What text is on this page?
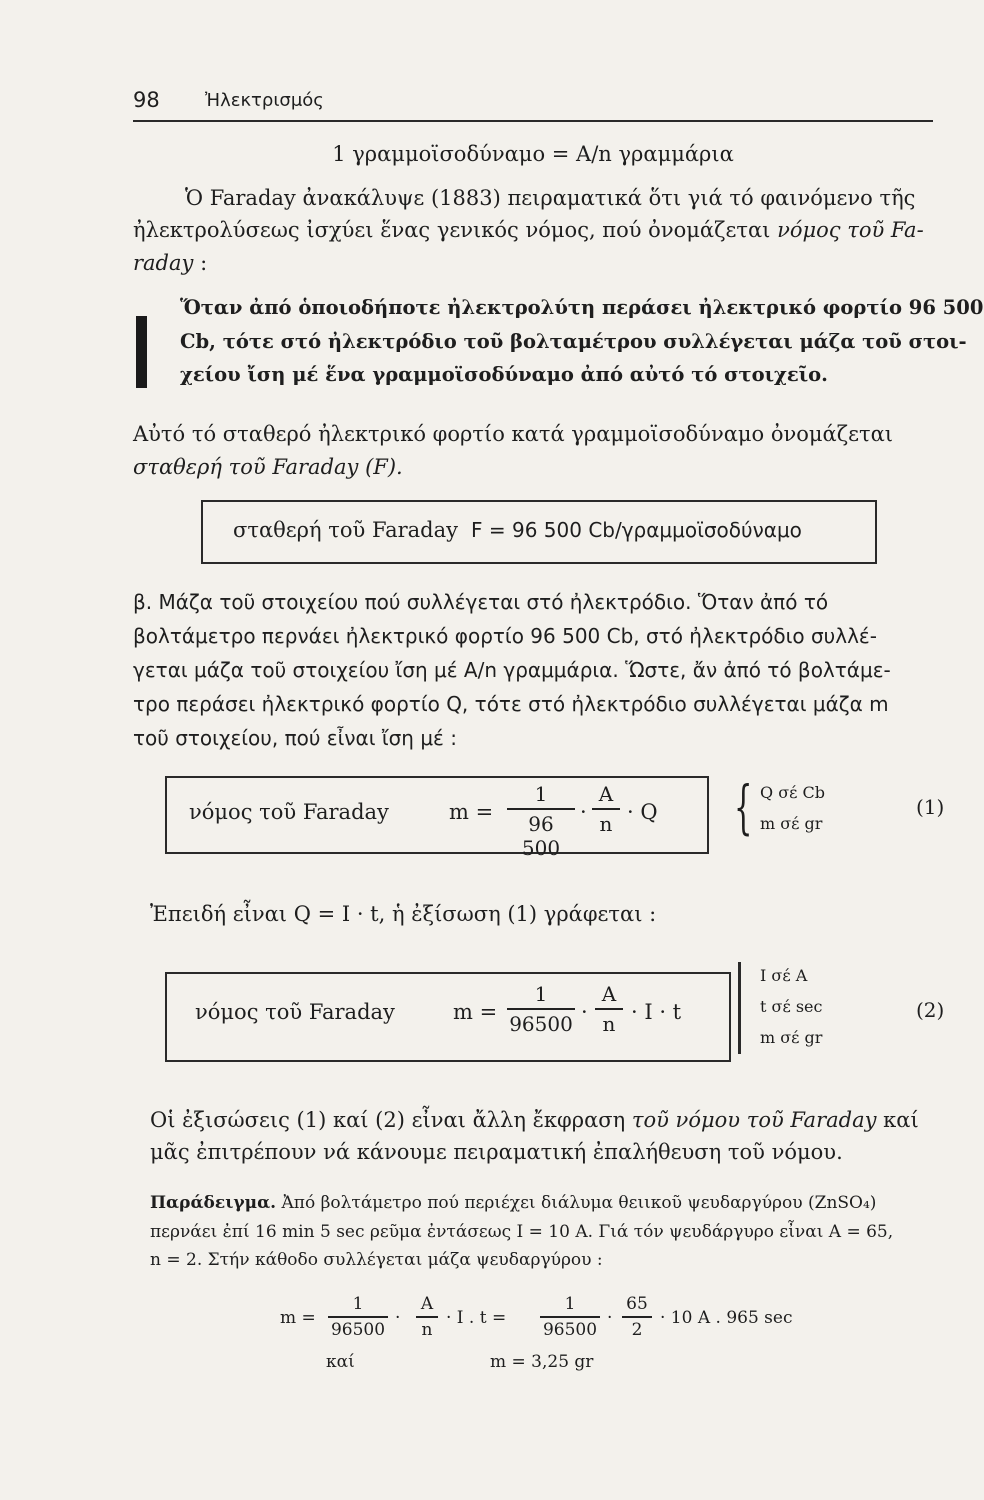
98	Ἠλεκτρισμός
1 γραμμοϊσοδύναμο = A/n γραμμάρια
Ὁ Faraday ἀνακάλυψε (1883) πειραματικά ὅτι γιά τό φαινόμενο τῆς
ἠλεκτρολύσεως ἰσχύει ἕνας γενικός νόμος, πού ὀνομάζεται νόμος τοῦ Fa-
raday :
Ὅταν ἀπό ὁποιοδήποτε ἠλεκτρολύτη περάσει ἠλεκτρικό φορτίο 96 500
Cb, τότε στό ἠλεκτρόδιο τοῦ βολταμέτρου συλλέγεται μάζα τοῦ στοι-
χείου ἴση μέ ἕνα γραμμοϊσοδύναμο ἀπό αὐτό τό στοιχεῖο.
Αὐτό τό σταθερό ἠλεκτρικό φορτίο κατά γραμμοϊσοδύναμο ὀνομάζεται
σταθερή τοῦ Faraday (F).
σταθερή τοῦ Faraday F = 96 500 Cb/γραμμοϊσοδύναμο
β. Μάζα τοῦ στοιχείου πού συλλέγεται στό ἠλεκτρόδιο. Ὅταν ἀπό τό
βολτάμετρο περνάει ἠλεκτρικό φορτίο 96 500 Cb, στό ἠλεκτρόδιο συλλέ-
γεται μάζα τοῦ στοιχείου ἴση μέ A/n γραμμάρια. Ὥστε, ἄν ἀπό τό βολτάμε-
τρο περάσει ἠλεκτρικό φορτίο Q, τότε στό ἠλεκτρόδιο συλλέγεται μάζα m
τοῦ στοιχείου, πού εἶναι ἴση μέ :
νόμος τοῦ Faraday	m =
1
96 500
·
A
n · Q { Q σέ Cb
m σέ gr
(1)
Ἐπειδή εἶναι Q = I · t, ἡ ἐξίσωση (1) γράφεται :
νόμος τοῦ Faraday	m =
1
96500 ·
A
n · I · t
I σέ A
t σέ sec
m σέ gr
(2)
Οἱ ἐξισώσεις (1) καί (2) εἶναι ἄλλη ἔκφραση τοῦ νόμου τοῦ Faraday καί
μᾶς ἐπιτρέπουν νά κάνουμε πειραματική ἐπαλήθευση τοῦ νόμου.
Παράδειγμα. Ἀπό βολτάμετρο πού περιέχει διάλυμα θειικοῦ ψευδαργύρου (ZnSO₄)
περνάει ἐπί 16 min 5 sec ρεῦμα ἐντάσεως I = 10 A. Γιά τόν ψευδάργυρο εἶναι A = 65,
n = 2. Στήν κάθοδο συλλέγεται μάζα ψευδαργύρου :
m =
1
96500
·
A
n
· I . t =
1
96500
·
65
2
· 10 A . 965 sec
καί	m = 3,25 gr
